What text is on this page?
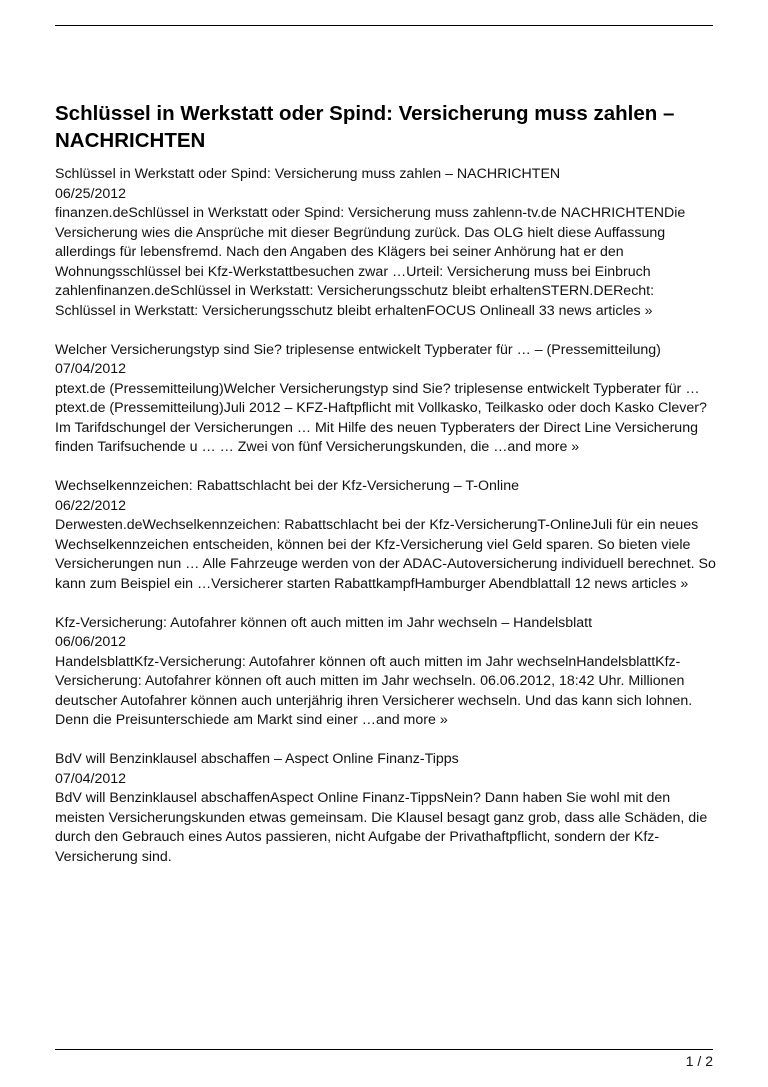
Schlüssel in Werkstatt oder Spind: Versicherung muss zahlen – NACHRICHTEN
Schlüssel in Werkstatt oder Spind: Versicherung muss zahlen – NACHRICHTEN
06/25/2012
finanzen.deSchlüssel in Werkstatt oder Spind: Versicherung muss zahlenn-tv.de NACHRICHTENDie Versicherung wies die Ansprüche mit dieser Begründung zurück. Das OLG hielt diese Auffassung allerdings für lebensfremd. Nach den Angaben des Klägers bei seiner Anhörung hat er den Wohnungsschlüssel bei Kfz-Werkstattbesuchen zwar …Urteil: Versicherung muss bei Einbruch zahlenfinanzen.deSchlüssel in Werkstatt: Versicherungsschutz bleibt erhaltenSTERN.DERecht: Schlüssel in Werkstatt: Versicherungsschutz bleibt erhaltenFOCUS Onlineall 33 news articles »
Welcher Versicherungstyp sind Sie? triplesense entwickelt Typberater für … – (Pressemitteilung)
07/04/2012
ptext.de (Pressemitteilung)Welcher Versicherungstyp sind Sie? triplesense entwickelt Typberater für …ptext.de (Pressemitteilung)Juli 2012 – KFZ-Haftpflicht mit Vollkasko, Teilkasko oder doch Kasko Clever? Im Tarifdschungel der Versicherungen … Mit Hilfe des neuen Typberaters der Direct Line Versicherung finden Tarifsuchende u … … Zwei von fünf Versicherungskunden, die …and more »
Wechselkennzeichen: Rabattschlacht bei der Kfz-Versicherung – T-Online
06/22/2012
Derwesten.deWechselkennzeichen: Rabattschlacht bei der Kfz-VersicherungT-OnlineJuli für ein neues Wechselkennzeichen entscheiden, können bei der Kfz-Versicherung viel Geld sparen. So bieten viele Versicherungen nun … Alle Fahrzeuge werden von der ADAC-Autoversicherung individuell berechnet. So kann zum Beispiel ein …Versicherer starten RabattkampfHamburger Abendblattall 12 news articles »
Kfz-Versicherung: Autofahrer können oft auch mitten im Jahr wechseln – Handelsblatt
06/06/2012
HandelsblattKfz-Versicherung: Autofahrer können oft auch mitten im Jahr wechselnHandelsblattKfz-Versicherung: Autofahrer können oft auch mitten im Jahr wechseln. 06.06.2012, 18:42 Uhr. Millionen deutscher Autofahrer können auch unterjährig ihren Versicherer wechseln. Und das kann sich lohnen. Denn die Preisunterschiede am Markt sind einer …and more »
BdV will Benzinklausel abschaffen – Aspect Online Finanz-Tipps
07/04/2012
BdV will Benzinklausel abschaffenAspect Online Finanz-TippsNein? Dann haben Sie wohl mit den meisten Versicherungskunden etwas gemeinsam. Die Klausel besagt ganz grob, dass alle Schäden, die durch den Gebrauch eines Autos passieren, nicht Aufgabe der Privathaftpflicht, sondern der Kfz-Versicherung sind.
1 / 2
